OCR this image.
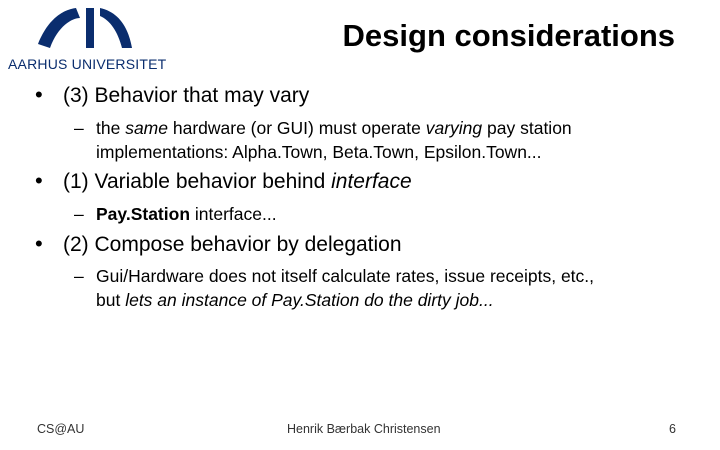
AARHUS UNIVERSITET
Design considerations
• (3) Behavior that may vary
– the same hardware (or GUI) must operate varying pay station
implementations: Alpha.Town, Beta.Town, Epsilon.Town...
• (1) Variable behavior behind interface
– Pay.Station interface...
• (2) Compose behavior by delegation
– Gui/Hardware does not itself calculate rates, issue receipts, etc.,
but lets an instance of Pay.Station do the dirty job...
CS@AU	Henrik Bærbak Christensen	6
